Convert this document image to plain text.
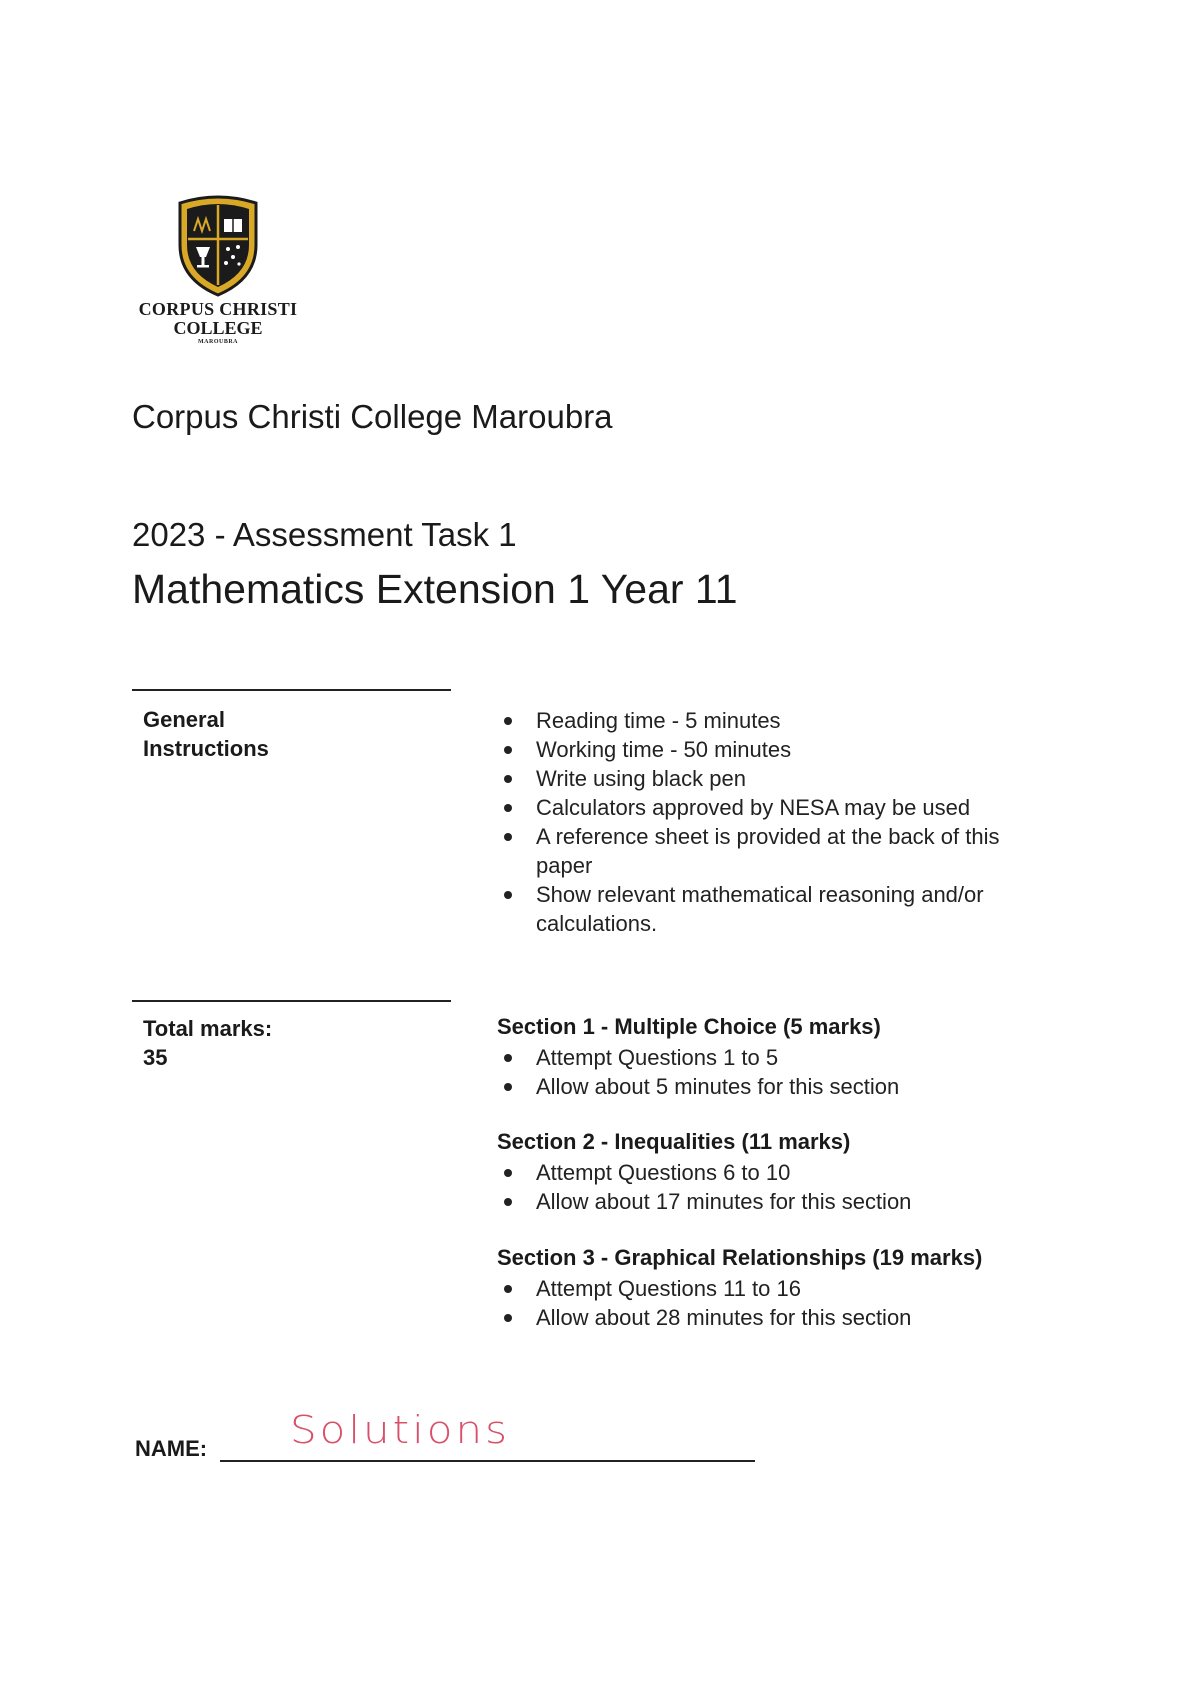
CORPUS CHRISTI
COLLEGE
MAROUBRA
Corpus Christi College Maroubra
2023 - Assessment Task 1
Mathematics Extension 1 Year 11
General Instructions
Reading time - 5 minutes
Working time - 50 minutes
Write using black pen
Calculators approved by NESA may be used
A reference sheet is provided at the back of this paper
Show relevant mathematical reasoning and/or calculations.
Total marks:
35
Section 1 - Multiple Choice (5 marks)
Attempt Questions 1 to 5
Allow about 5 minutes for this section
Section 2 - Inequalities (11 marks)
Attempt Questions 6 to 10
Allow about 17 minutes for this section
Section 3 - Graphical Relationships (19 marks)
Attempt Questions 11 to 16
Allow about 28 minutes for this section
NAME: Solutions
